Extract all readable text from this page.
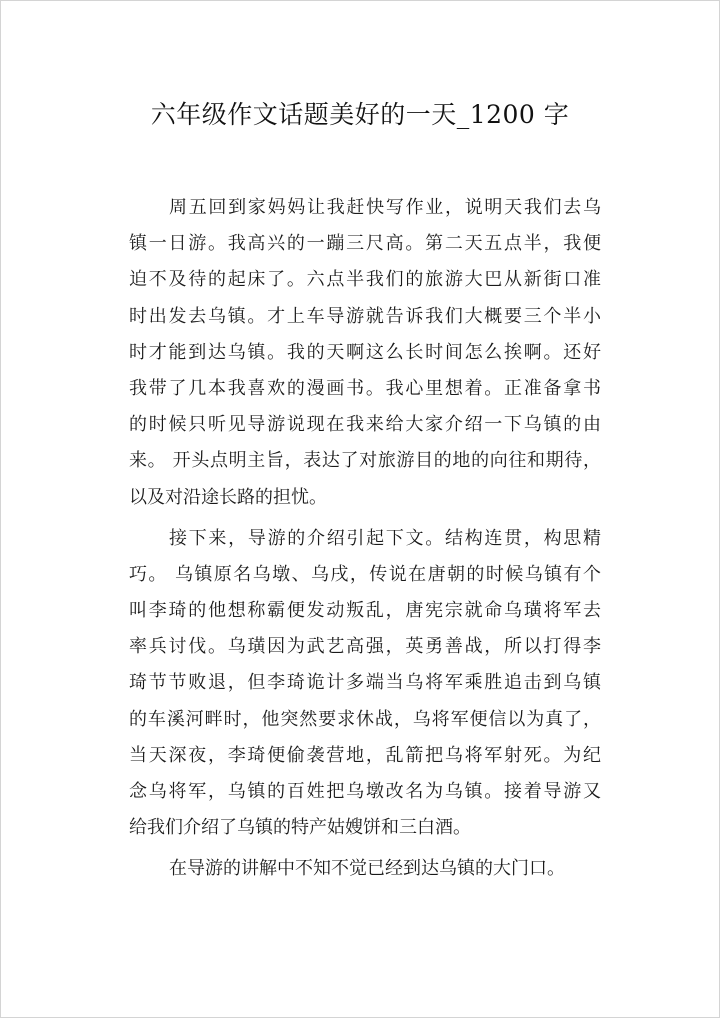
六年级作文话题美好的一天_1200 字
周五回到家妈妈让我赶快写作业，说明天我们去乌
镇一日游。我高兴的一蹦三尺高。第二天五点半，我便
迫不及待的起床了。六点半我们的旅游大巴从新街口准
时出发去乌镇。才上车导游就告诉我们大概要三个半小
时才能到达乌镇。我的天啊这么长时间怎么挨啊。还好
我带了几本我喜欢的漫画书。我心里想着。正准备拿书
的时候只听见导游说现在我来给大家介绍一下乌镇的由
来。 开头点明主旨，表达了对旅游目的地的向往和期待，
以及对沿途长路的担忧。
接下来，导游的介绍引起下文。结构连贯，构思精
巧。 乌镇原名乌墩、乌戌，传说在唐朝的时候乌镇有个
叫李琦的他想称霸便发动叛乱，唐宪宗就命乌璜将军去
率兵讨伐。乌璜因为武艺高强，英勇善战，所以打得李
琦节节败退，但李琦诡计多端当乌将军乘胜追击到乌镇
的车溪河畔时，他突然要求休战，乌将军便信以为真了，
当天深夜，李琦便偷袭营地，乱箭把乌将军射死。为纪
念乌将军，乌镇的百姓把乌墩改名为乌镇。接着导游又
给我们介绍了乌镇的特产姑嫂饼和三白酒。
在导游的讲解中不知不觉已经到达乌镇的大门口。
